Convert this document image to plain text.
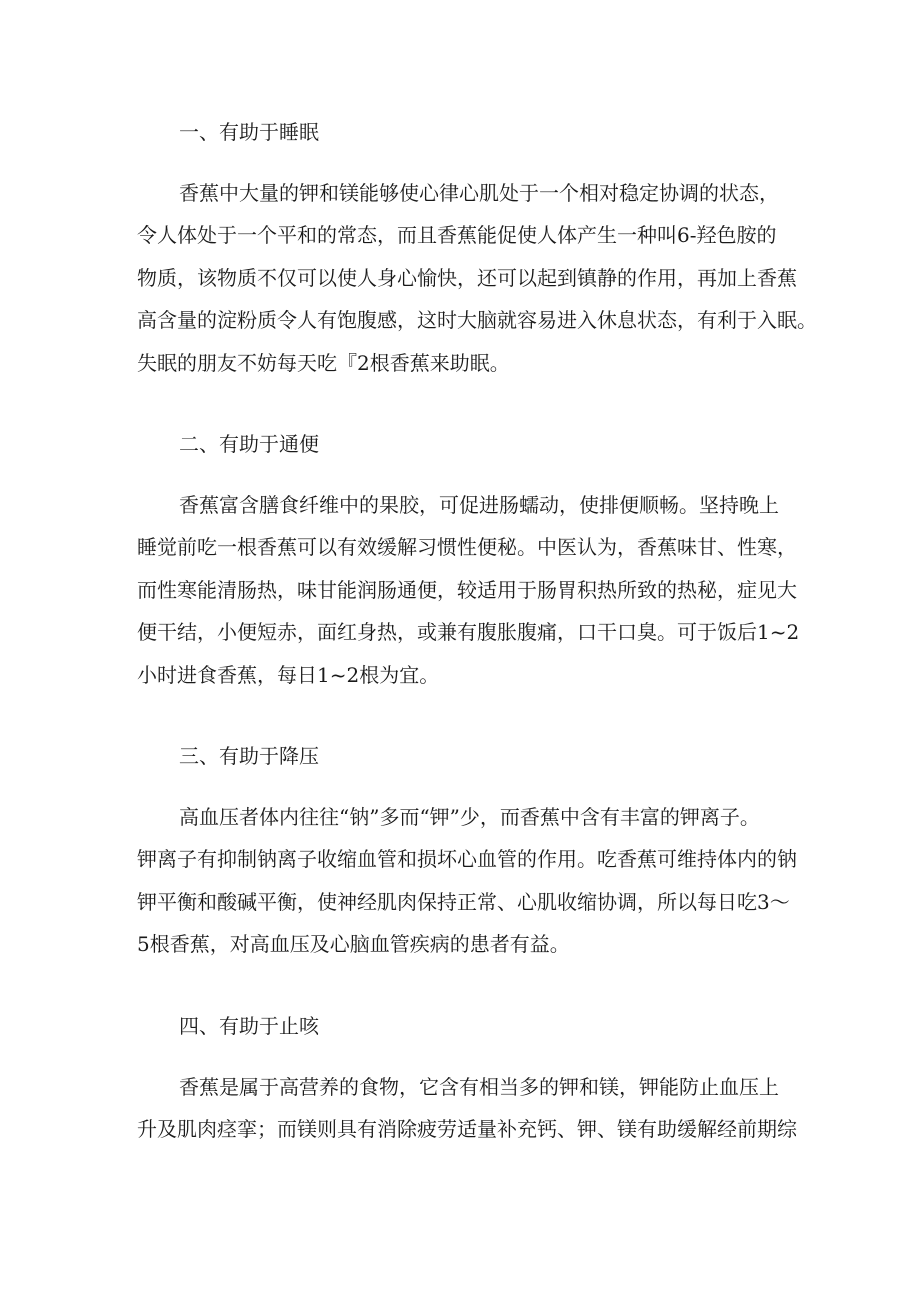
一、有助于睡眠
香蕉中大量的钾和镁能够使心律心肌处于一个相对稳定协调的状态，
令人体处于一个平和的常态，而且香蕉能促使人体产生一种叫6-羟色胺的
物质，该物质不仅可以使人身心愉快，还可以起到镇静的作用，再加上香蕉
高含量的淀粉质令人有饱腹感，这时大脑就容易进入休息状态，有利于入眠。
失眠的朋友不妨每天吃『2根香蕉来助眠。
二、有助于通便
香蕉富含膳食纤维中的果胶，可促进肠蠕动，使排便顺畅。坚持晚上
睡觉前吃一根香蕉可以有效缓解习惯性便秘。中医认为，香蕉味甘、性寒，
而性寒能清肠热，味甘能润肠通便，较适用于肠胃积热所致的热秘，症见大
便干结，小便短赤，面红身热，或兼有腹胀腹痛，口干口臭。可于饭后1~2
小时进食香蕉，每日1~2根为宜。
三、有助于降压
高血压者体内往往“钠”多而“钾”少，而香蕉中含有丰富的钾离子。
钾离子有抑制钠离子收缩血管和损坏心血管的作用。吃香蕉可维持体内的钠
钾平衡和酸碱平衡，使神经肌肉保持正常、心肌收缩协调，所以每日吃3～
5根香蕉，对高血压及心脑血管疾病的患者有益。
四、有助于止咳
香蕉是属于高营养的食物，它含有相当多的钾和镁，钾能防止血压上
升及肌肉痉挛；而镁则具有消除疲劳适量补充钙、钾、镁有助缓解经前期综
